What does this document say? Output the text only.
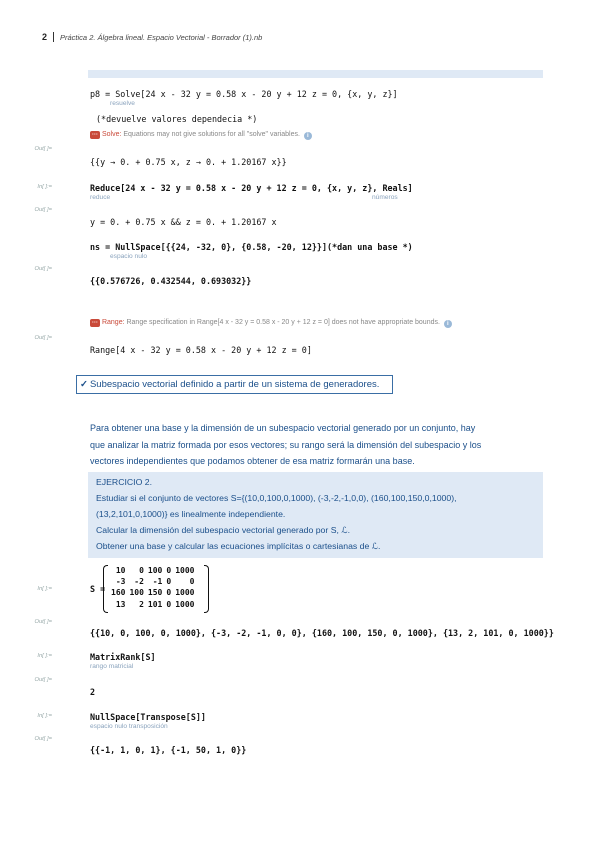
2 Práctica 2. Álgebra lineal. Espacio Vectorial - Borrador (1).nb
p8 = Solve[24 x - 32 y = 0.58 x - 20 y + 12 z = 0, {x, y, z}]
resuelve
(*devuelve valores dependecia *)
··· Solve: Equations may not give solutions for all "solve" variables. i
Out[ ]=
{{y → 0. + 0.75 x, z → 0. + 1.20167 x}}
In[ ]:=	Reduce[24 x - 32 y = 0.58 x - 20 y + 12 z = 0, {x, y, z}, Reals]
reduce	números
Out[ ]=
y = 0. + 0.75 x && z = 0. + 1.20167 x
ns = NullSpace[{{24, -32, 0}, {0.58, -20, 12}}](*dan una base *)
espacio nulo
Out[ ]=
{{0.576726, 0.432544, 0.693032}}
··· Range: Range specification in Range[4 x - 32 y = 0.58 x - 20 y + 12 z = 0] does not have appropriate bounds. i
Out[ ]=
Range[4 x - 32 y = 0.58 x - 20 y + 12 z = 0]
✓ Subespacio vectorial definido a partir de un sistema de generadores.
Para obtener una base y la dimensión de un subespacio vectorial generado por un conjunto, hay
que analizar la matriz formada por esos vectores; su rango será la dimensión del subespacio y los
vectores independientes que podamos obtener de esa matriz formarán una base.
EJERCICIO 2.
Estudiar si el conjunto de vectores S={(10,0,100,0,1000), (-3,-2,-1,0,0), (160,100,150,0,1000),
(13,2,101,0,1000)} es linealmente independiente.
Calcular la dimensión del subespacio vectorial generado por S, ℒ.
Obtener una base y calcular las ecuaciones implícitas o cartesianas de ℒ.
In[ ]:=	S =
10	0	100	0	1000
-3	-2	-1	0	0
160	100	150	0	1000
13	2	101	0	1000
Out[ ]=
{{10, 0, 100, 0, 1000}, {-3, -2, -1, 0, 0}, {160, 100, 150, 0, 1000}, {13, 2, 101, 0, 1000}}
In[ ]:=	MatrixRank[S]
rango matricial
Out[ ]=
2
In[ ]:=	NullSpace[Transpose[S]]
espacio nulo transposición
Out[ ]=
{{-1, 1, 0, 1}, {-1, 50, 1, 0}}
